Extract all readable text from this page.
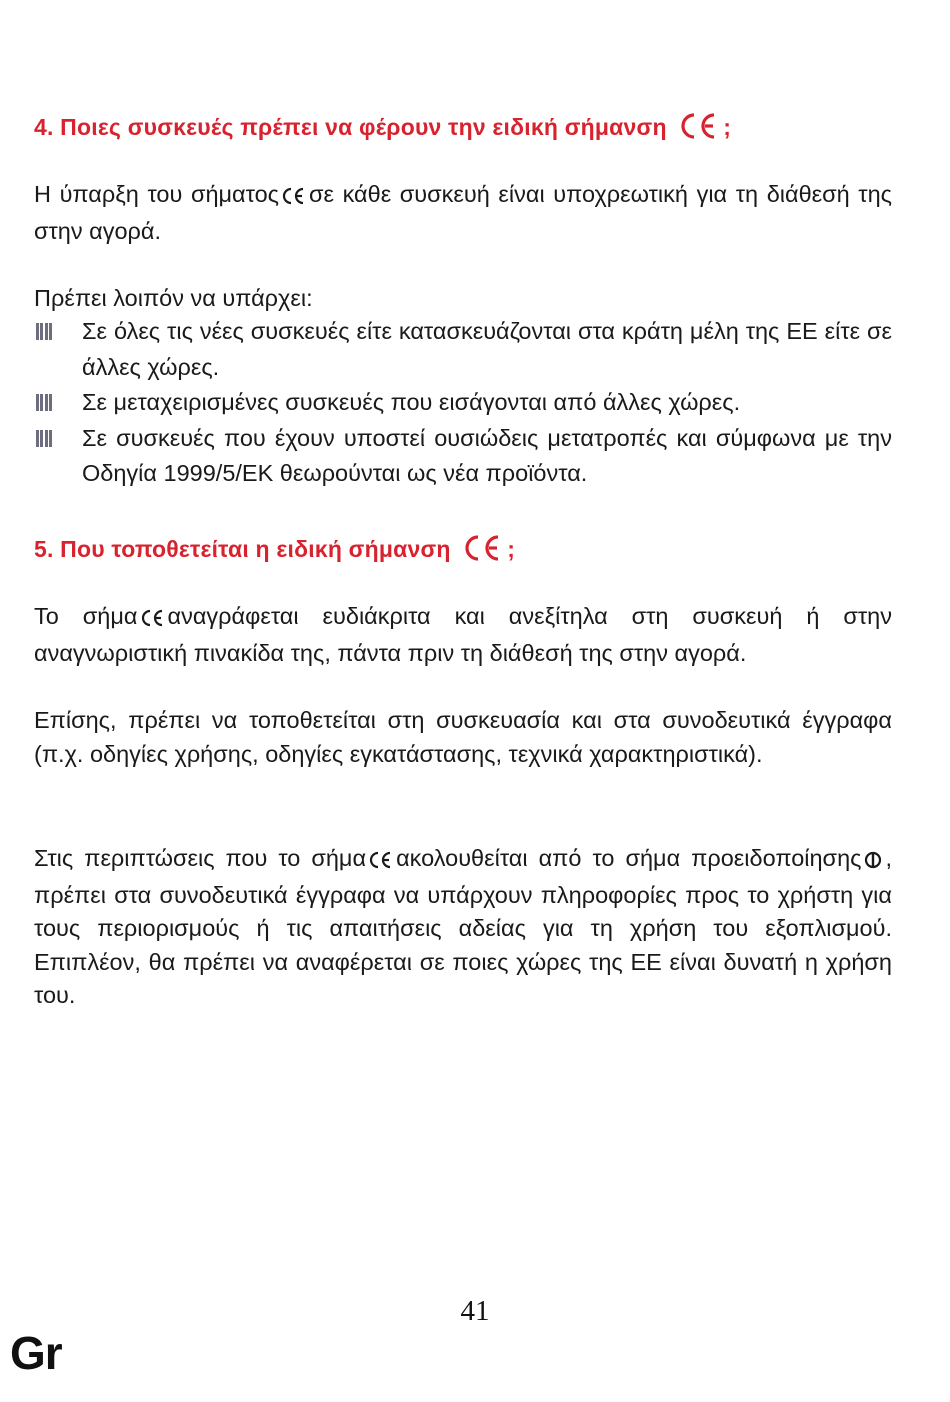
4. Ποιες συσκευές πρέπει να φέρουν την ειδική σήμανση ;
Η ύπαρξη του σήματος σε κάθε συσκευή είναι υποχρεωτική για τη διάθεσή της στην αγορά.
Πρέπει λοιπόν να υπάρχει:
Σε όλες τις νέες συσκευές είτε κατασκευάζονται στα κράτη μέλη της ΕΕ είτε σε άλλες χώρες.
Σε μεταχειρισμένες συσκευές που εισάγονται από άλλες χώρες.
Σε συσκευές που έχουν υποστεί ουσιώδεις μετατροπές και σύμφωνα με την Οδηγία 1999/5/ΕΚ θεωρούνται ως νέα προϊόντα.
5. Που τοποθετείται η ειδική σήμανση ;
Το σήμα αναγράφεται ευδιάκριτα και ανεξίτηλα στη συσκευή ή στην αναγνωριστική πινακίδα της, πάντα πριν τη διάθεσή της στην αγορά.
Επίσης, πρέπει να τοποθετείται στη συσκευασία και στα συνοδευτικά έγγραφα (π.χ. οδηγίες χρήσης, οδηγίες εγκατάστασης, τεχνικά χαρακτηριστικά).
Στις περιπτώσεις που το σήμα ακολουθείται από το σήμα προειδοποίησης , πρέπει στα συνοδευτικά έγγραφα να υπάρχουν πληροφορίες προς το χρήστη για τους περιορισμούς ή τις απαιτήσεις αδείας για τη χρήση του εξοπλισμού. Επιπλέον, θα πρέπει να αναφέρεται σε ποιες χώρες της ΕΕ είναι δυνατή η χρήση του.
41
Gr
